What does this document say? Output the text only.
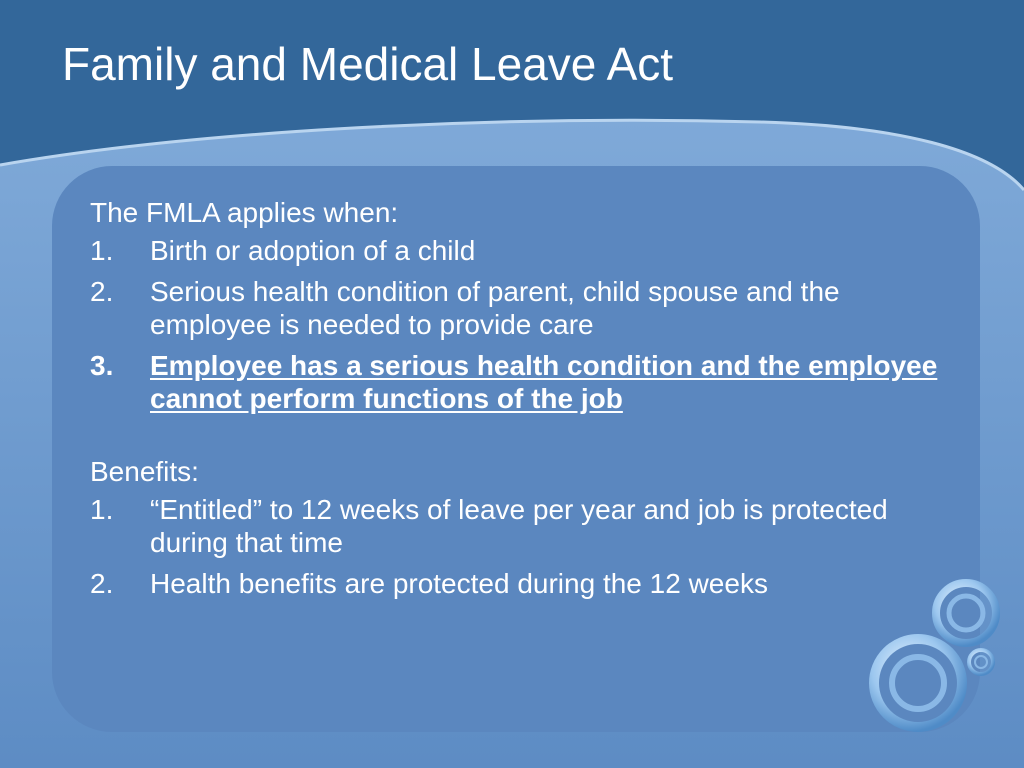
Family and Medical Leave Act

The FMLA applies when:

1. Birth or adoption of a child
2. Serious health condition of parent, child spouse and the employee is needed to provide care
3. Employee has a serious health condition and the employee cannot perform functions of the job

Benefits:

1. “Entitled” to 12 weeks of leave per year and job is protected during that time
2. Health benefits are protected during the 12 weeks
